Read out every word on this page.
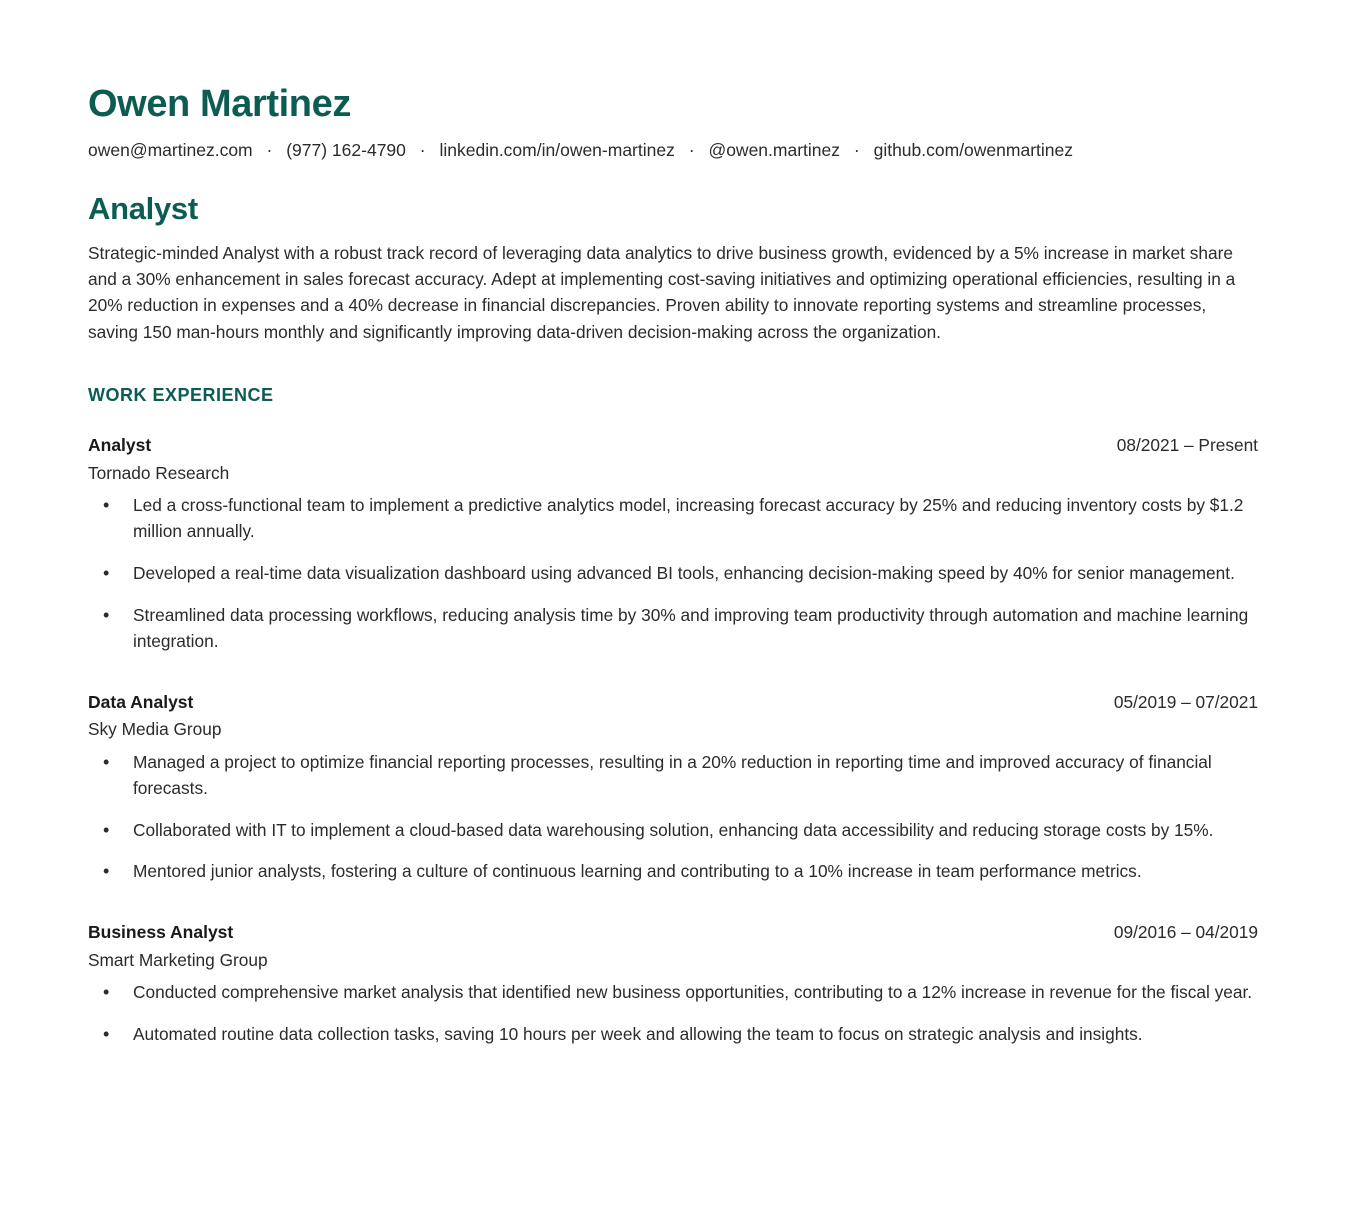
Owen Martinez
owen@martinez.com · (977) 162-4790 · linkedin.com/in/owen-martinez · @owen.martinez · github.com/owenmartinez
Analyst

Strategic-minded Analyst with a robust track record of leveraging data analytics to drive business growth, evidenced by a 5% increase in market share and a 30% enhancement in sales forecast accuracy. Adept at implementing cost-saving initiatives and optimizing operational efficiencies, resulting in a 20% reduction in expenses and a 40% decrease in financial discrepancies. Proven ability to innovate reporting systems and streamline processes, saving 150 man-hours monthly and significantly improving data-driven decision-making across the organization.

WORK EXPERIENCE
Analyst	08/2021 – Present
Tornado Research
• Led a cross-functional team to implement a predictive analytics model, increasing forecast accuracy by 25% and reducing inventory costs by $1.2 million annually.
• Developed a real-time data visualization dashboard using advanced BI tools, enhancing decision-making speed by 40% for senior management.
• Streamlined data processing workflows, reducing analysis time by 30% and improving team productivity through automation and machine learning integration.
Data Analyst	05/2019 – 07/2021
Sky Media Group
• Managed a project to optimize financial reporting processes, resulting in a 20% reduction in reporting time and improved accuracy of financial forecasts.
• Collaborated with IT to implement a cloud-based data warehousing solution, enhancing data accessibility and reducing storage costs by 15%.
• Mentored junior analysts, fostering a culture of continuous learning and contributing to a 10% increase in team performance metrics.
Business Analyst	09/2016 – 04/2019
Smart Marketing Group
• Conducted comprehensive market analysis that identified new business opportunities, contributing to a 12% increase in revenue for the fiscal year.
• Automated routine data collection tasks, saving 10 hours per week and allowing the team to focus on strategic analysis and insights.
